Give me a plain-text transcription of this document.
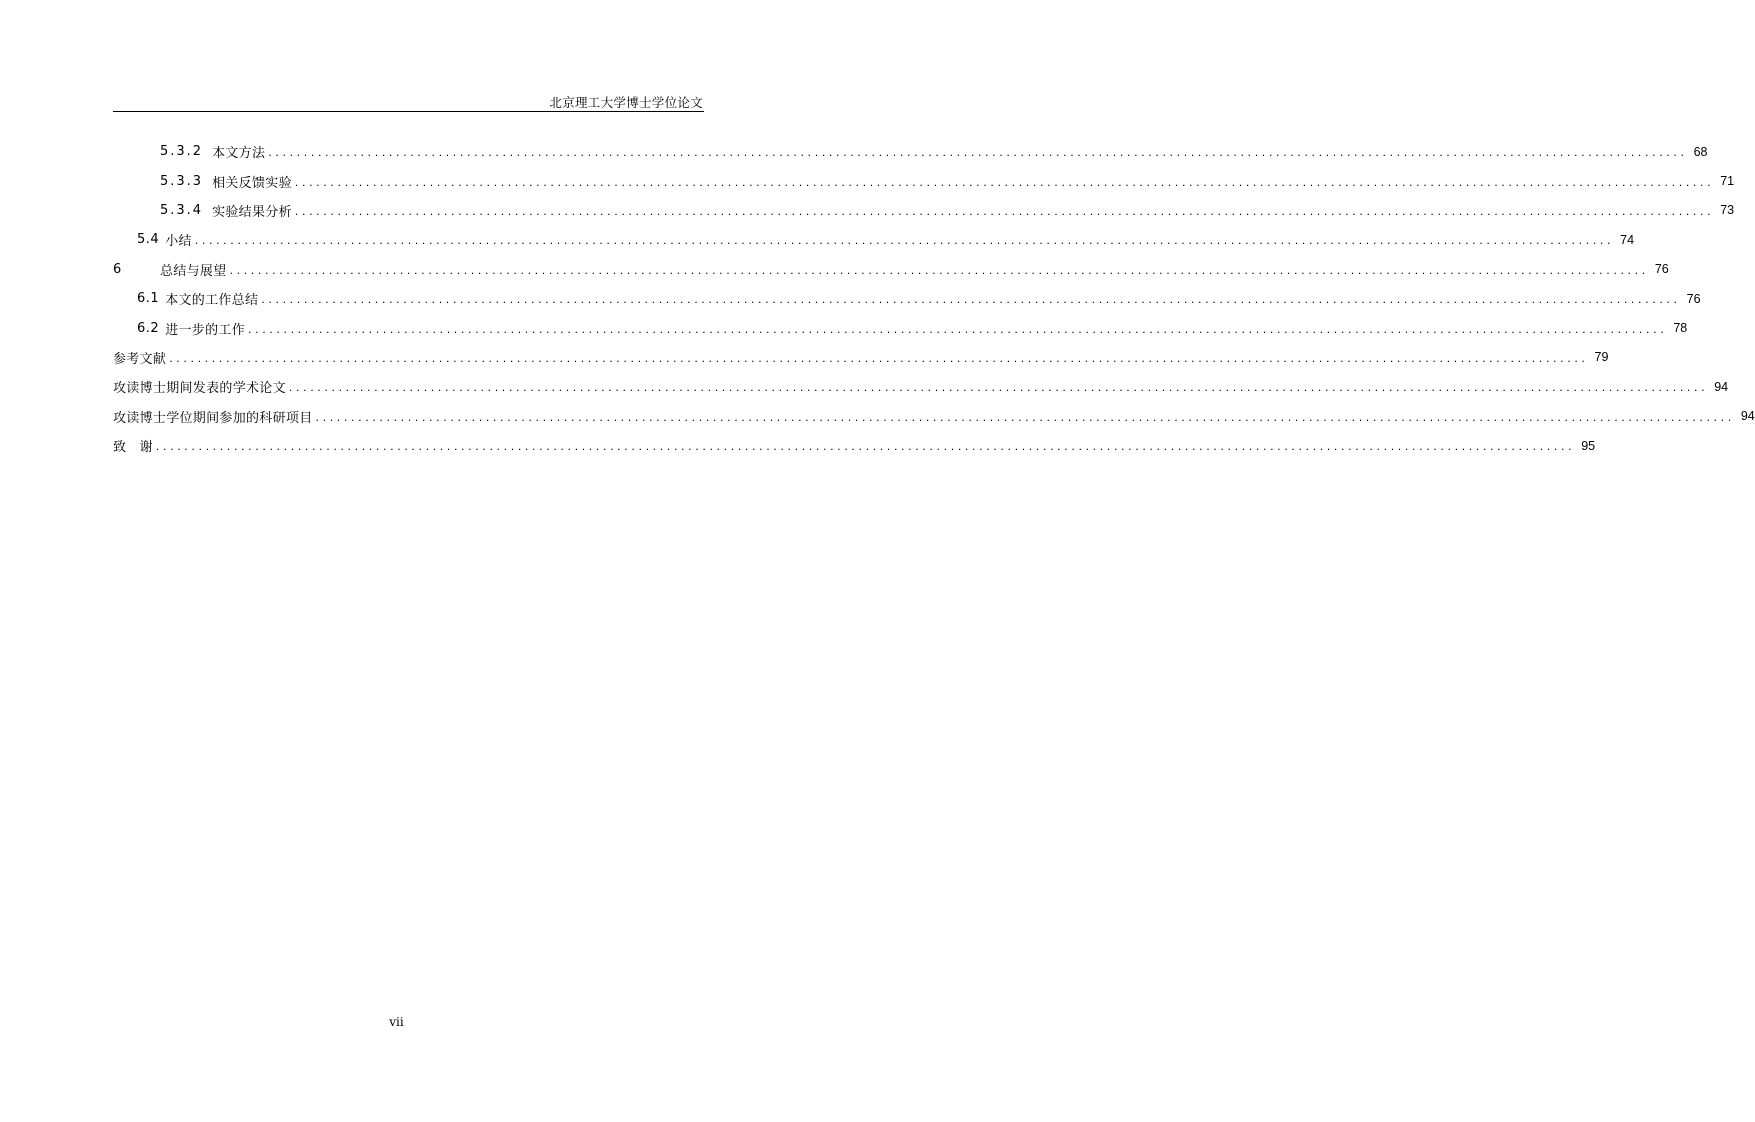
北京理工大学博士学位论文
5.3.2 本文方法 ........................................................................................................................................................................................................ 68
5.3.3 相关反馈实验 ........................................................................................................................................................................................................ 71
5.3.4 实验结果分析 ........................................................................................................................................................................................................ 73
5.4 小结 ........................................................................................................................................................................................................ 74
6	总结与展望 ........................................................................................................................................................................................................ 76
6.1 本文的工作总结 ........................................................................................................................................................................................................ 76
6.2 进一步的工作 ........................................................................................................................................................................................................ 78
参考文献 ........................................................................................................................................................................................................ 79
攻读博士期间发表的学术论文 ........................................................................................................................................................................................................ 94
攻读博士学位期间参加的科研项目 ........................................................................................................................................................................................................ 94
致　谢 ........................................................................................................................................................................................................ 95
vii
